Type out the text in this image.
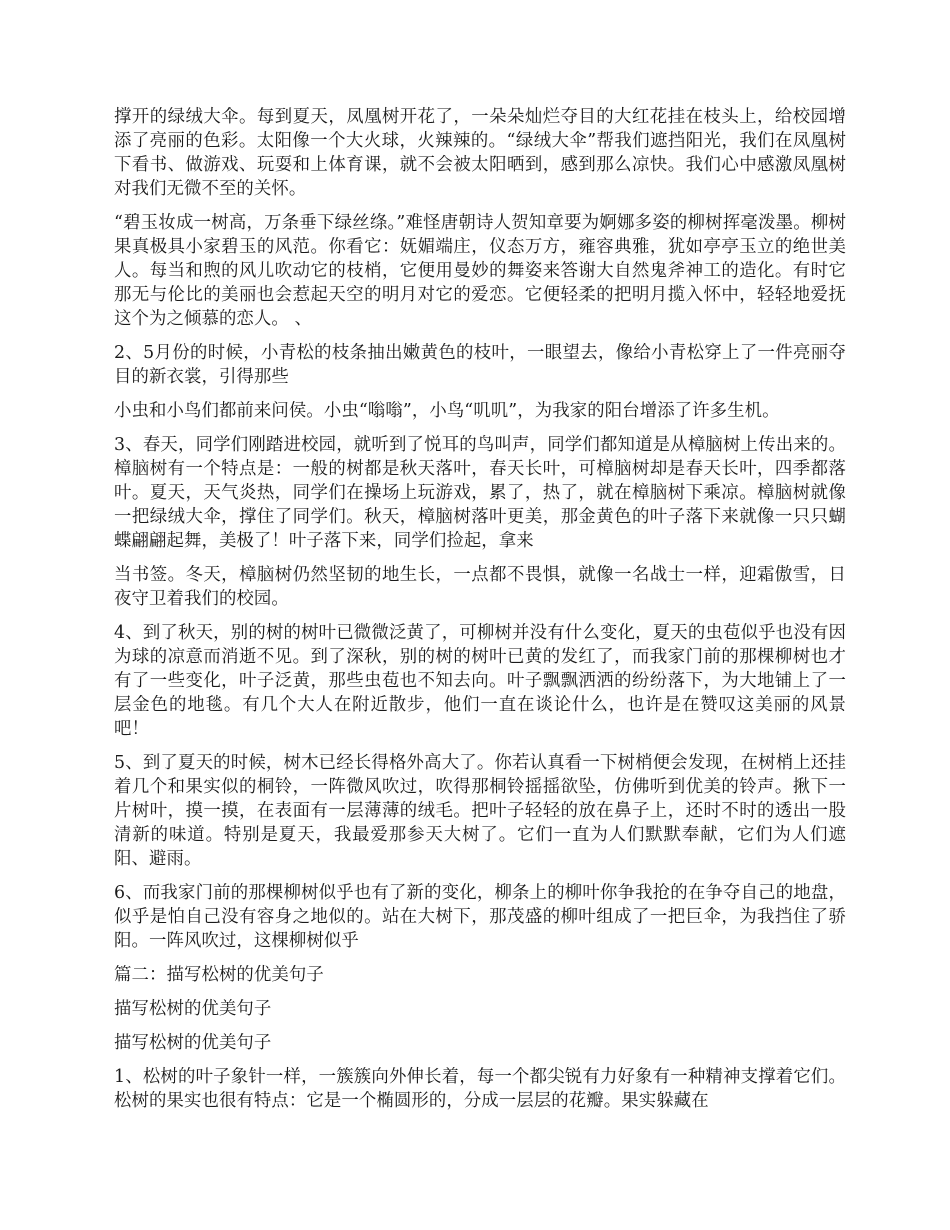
撑开的绿绒大伞。每到夏天，凤凰树开花了，一朵朵灿烂夺目的大红花挂在枝头上，给校园增添了亮丽的色彩。太阳像一个大火球，火辣辣的。“绿绒大伞”帮我们遮挡阳光，我们在凤凰树下看书、做游戏、玩耍和上体育课，就不会被太阳晒到，感到那么凉快。我们心中感激凤凰树对我们无微不至的关怀。

“碧玉妆成一树高，万条垂下绿丝绦。”难怪唐朝诗人贺知章要为婀娜多姿的柳树挥毫泼墨。柳树果真极具小家碧玉的风范。你看它：妩媚端庄，仪态万方，雍容典雅，犹如亭亭玉立的绝世美人。每当和煦的风儿吹动它的枝梢，它便用曼妙的舞姿来答谢大自然鬼斧神工的造化。有时它那无与伦比的美丽也会惹起天空的明月对它的爱恋。它便轻柔的把明月揽入怀中，轻轻地爱抚这个为之倾慕的恋人。 、

2、5月份的时候，小青松的枝条抽出嫩黄色的枝叶，一眼望去，像给小青松穿上了一件亮丽夺目的新衣裳，引得那些

小虫和小鸟们都前来问侯。小虫“嗡嗡”，小鸟“叽叽”，为我家的阳台增添了许多生机。

3、春天，同学们刚踏进校园，就听到了悦耳的鸟叫声，同学们都知道是从樟脑树上传出来的。樟脑树有一个特点是：一般的树都是秋天落叶，春天长叶，可樟脑树却是春天长叶，四季都落叶。夏天，天气炎热，同学们在操场上玩游戏，累了，热了，就在樟脑树下乘凉。樟脑树就像一把绿绒大伞，撑住了同学们。秋天，樟脑树落叶更美，那金黄色的叶子落下来就像一只只蝴蝶翩翩起舞，美极了！叶子落下来，同学们捡起，拿来

当书签。冬天，樟脑树仍然坚韧的地生长，一点都不畏惧，就像一名战士一样，迎霜傲雪，日夜守卫着我们的校园。

4、到了秋天，别的树的树叶已微微泛黄了，可柳树并没有什么变化，夏天的虫苞似乎也没有因为球的凉意而消逝不见。到了深秋，别的树的树叶已黄的发红了，而我家门前的那棵柳树也才有了一些变化，叶子泛黄，那些虫苞也不知去向。叶子飘飘洒洒的纷纷落下，为大地铺上了一层金色的地毯。有几个大人在附近散步，他们一直在谈论什么，也许是在赞叹这美丽的风景吧！

5、到了夏天的时候，树木已经长得格外高大了。你若认真看一下树梢便会发现，在树梢上还挂着几个和果实似的桐铃，一阵微风吹过，吹得那桐铃摇摇欲坠，仿佛听到优美的铃声。揪下一片树叶，摸一摸，在表面有一层薄薄的绒毛。把叶子轻轻的放在鼻子上，还时不时的透出一股清新的味道。特别是夏天，我最爱那参天大树了。它们一直为人们默默奉献，它们为人们遮阳、避雨。

6、而我家门前的那棵柳树似乎也有了新的变化，柳条上的柳叶你争我抢的在争夺自己的地盘，似乎是怕自己没有容身之地似的。站在大树下，那茂盛的柳叶组成了一把巨伞，为我挡住了骄阳。一阵风吹过，这棵柳树似乎

篇二：描写松树的优美句子

描写松树的优美句子

描写松树的优美句子

1、松树的叶子象针一样，一簇簇向外伸长着，每一个都尖锐有力好象有一种精神支撑着它们。松树的果实也很有特点：它是一个椭圆形的，分成一层层的花瓣。果实躲藏在
